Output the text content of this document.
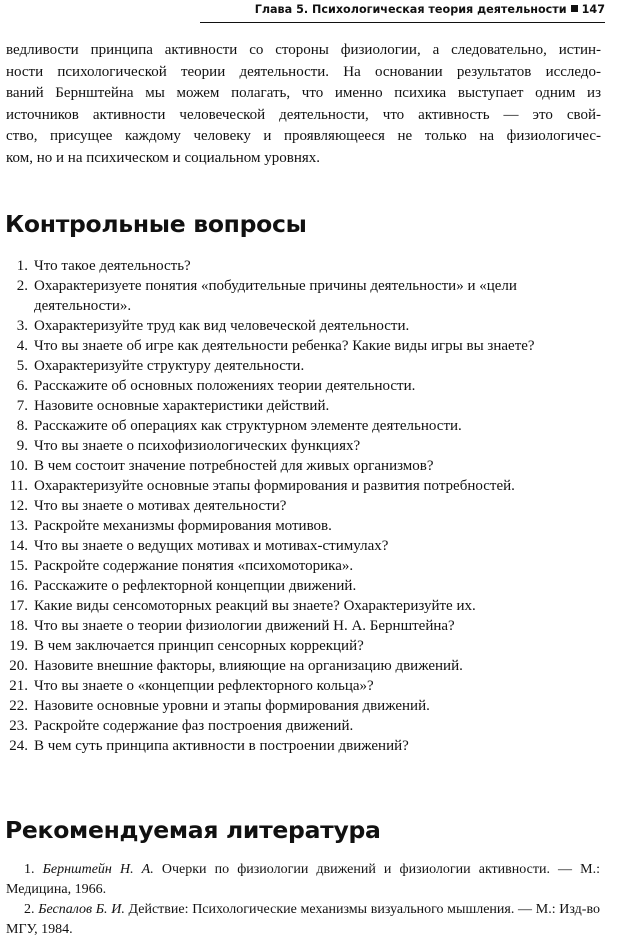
Глава 5. Психологическая теория деятельности 147
ведливости принципа активности со стороны физиологии, а следовательно, истин-
ности психологической теории деятельности. На основании результатов исследо-
ваний Бернштейна мы можем полагать, что именно психика выступает одним из
источников активности человеческой деятельности, что активность — это свой-
ство, присущее каждому человеку и проявляющееся не только на физиологичес-
ком, но и на психическом и социальном уровнях.
Контрольные вопросы
1. Что такое деятельность?
2. Охарактеризуете понятия «побудительные причины деятельности» и «цели деятельности».
3. Охарактеризуйте труд как вид человеческой деятельности.
4. Что вы знаете об игре как деятельности ребенка? Какие виды игры вы знаете?
5. Охарактеризуйте структуру деятельности.
6. Расскажите об основных положениях теории деятельности.
7. Назовите основные характеристики действий.
8. Расскажите об операциях как структурном элементе деятельности.
9. Что вы знаете о психофизиологических функциях?
10. В чем состоит значение потребностей для живых организмов?
11. Охарактеризуйте основные этапы формирования и развития потребностей.
12. Что вы знаете о мотивах деятельности?
13. Раскройте механизмы формирования мотивов.
14. Что вы знаете о ведущих мотивах и мотивах-стимулах?
15. Раскройте содержание понятия «психомоторика».
16. Расскажите о рефлекторной концепции движений.
17. Какие виды сенсомоторных реакций вы знаете? Охарактеризуйте их.
18. Что вы знаете о теории физиологии движений Н. А. Бернштейна?
19. В чем заключается принцип сенсорных коррекций?
20. Назовите внешние факторы, влияющие на организацию движений.
21. Что вы знаете о «концепции рефлекторного кольца»?
22. Назовите основные уровни и этапы формирования движений.
23. Раскройте содержание фаз построения движений.
24. В чем суть принципа активности в построении движений?
Рекомендуемая литература
1. Бернштейн Н. А. Очерки по физиологии движений и физиологии активности. — М.: Медицина, 1966.
2. Беспалов Б. И. Действие: Психологические механизмы визуального мышления. — М.: Изд-во МГУ, 1984.
